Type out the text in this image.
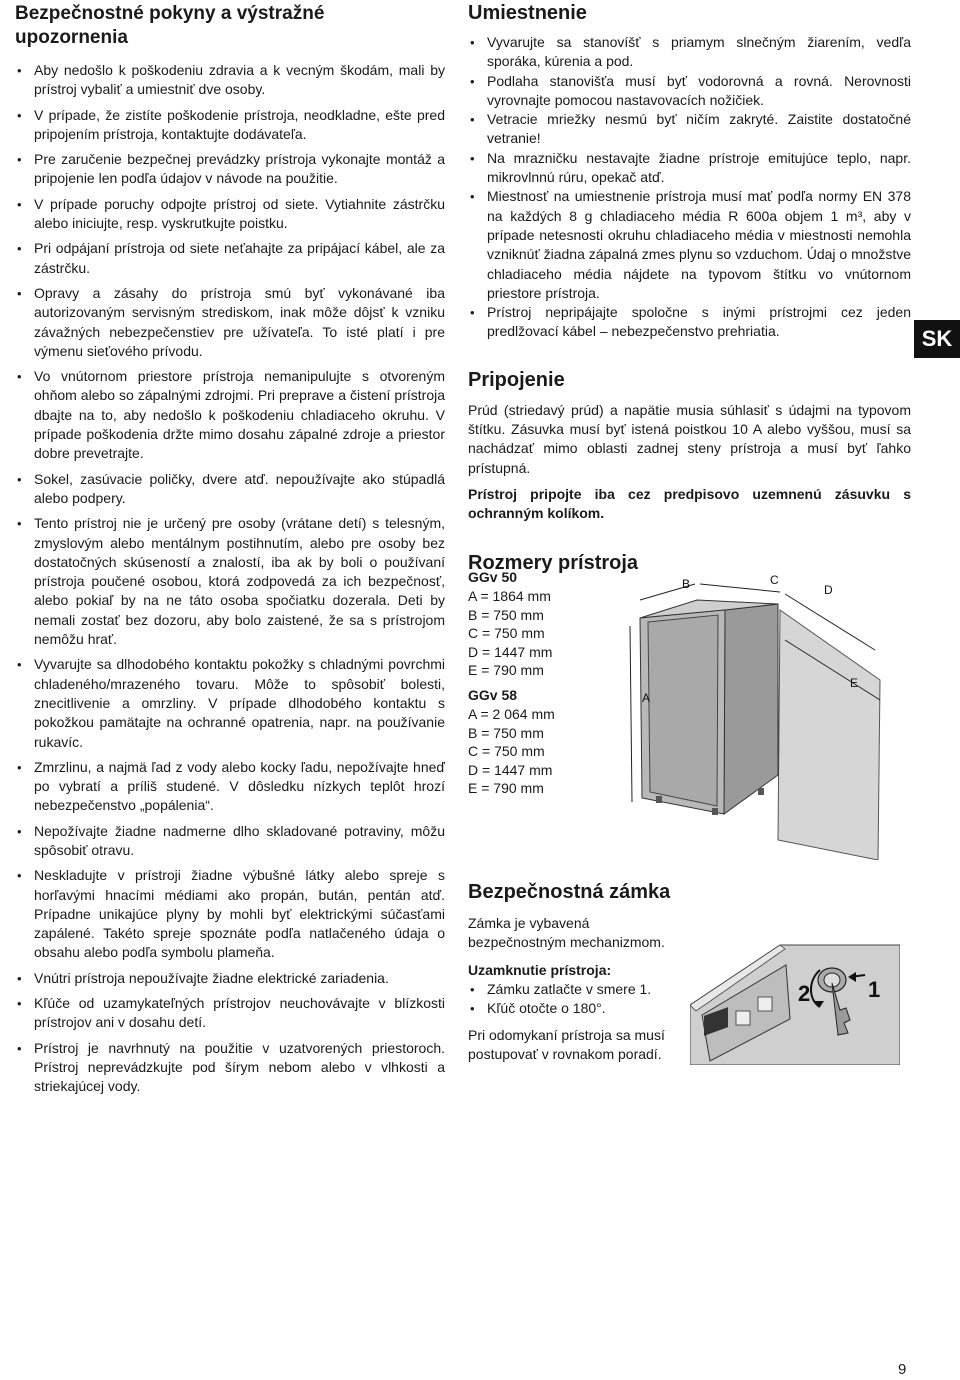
Bezpečnostné pokyny a výstražné
upozornenia
• Aby nedošlo k poškodeniu zdravia a k vecným škodám, mali by prístroj vybaliť a umiestniť dve osoby.
• V prípade, že zistíte poškodenie prístroja, neodkladne, ešte pred pripojením prístroja, kontaktujte dodávateľa.
• Pre zaručenie bezpečnej prevádzky prístroja vykonajte montáž a pripojenie len podľa údajov v návode na použitie.
• V prípade poruchy odpojte prístroj od siete. Vytiahnite zástrčku alebo iniciujte, resp. vyskrutkujte poistku.
• Pri odpájaní prístroja od siete neťahajte za pripájací kábel, ale za zástrčku.
• Opravy a zásahy do prístroja smú byť vykonávané iba autorizovaným servisným strediskom, inak môže dôjsť k vzniku závažných nebezpečenstiev pre užívateľa. To isté platí i pre výmenu sieťového prívodu.
• Vo vnútornom priestore prístroja nemanipulujte s otvoreným ohňom alebo so zápalnými zdrojmi. Pri preprave a čistení prístroja dbajte na to, aby nedošlo k poškodeniu chladiaceho okruhu. V prípade poškodenia držte mimo dosahu zápalné zdroje a priestor dobre prevetrajte.
• Sokel, zasúvacie poličky, dvere atď. nepoužívajte ako stúpadlá alebo podpery.
• Tento prístroj nie je určený pre osoby (vrátane detí) s telesným, zmyslovým alebo mentálnym postihnutím, alebo pre osoby bez dostatočných skúseností a znalostí, iba ak by boli o používaní prístroja poučené osobou, ktorá zodpovedá za ich bezpečnosť, alebo pokiaľ by na ne táto osoba spočiatku dozerala. Deti by nemali zostať bez dozoru, aby bolo zaistené, že sa s prístrojom nemôžu hrať.
• Vyvarujte sa dlhodobého kontaktu pokožky s chladnými povrchmi chladeného/mrazeného tovaru. Môže to spôsobiť bolesti, znecitlivenie a omrzliny. V prípade dlhodobého kontaktu s pokožkou pamätajte na ochranné opatrenia, napr. na používanie rukavíc.
• Zmrzlinu, a najmä ľad z vody alebo kocky ľadu, nepožívajte hneď po vybratí a príliš studené. V dôsledku nízkych teplôt hrozí nebezpečenstvo „popálenia“.
• Nepožívajte žiadne nadmerne dlho skladované potraviny, môžu spôsobiť otravu.
• Neskladujte v prístroji žiadne výbušné látky alebo spreje s horľavými hnacími médiami ako propán, bután, pentán atď. Prípadne unikajúce plyny by mohli byť elektrickými súčasťami zapálené. Takéto spreje spoznáte podľa natlačeného údaja o obsahu alebo podľa symbolu plameňa.
• Vnútri prístroja nepoužívajte žiadne elektrické zariadenia.
• Kľúče od uzamykateľných prístrojov neuchovávajte v blízkosti prístrojov ani v dosahu detí.
• Prístroj je navrhnutý na použitie v uzatvorených priestoroch. Prístroj neprevádzkujte pod šírym nebom alebo v vlhkosti a striekajúcej vody.
Umiestnenie
• Vyvarujte sa stanovíšť s priamym slnečným žiarením, vedľa sporáka, kúrenia a pod.
• Podlaha stanovišťa musí byť vodorovná a rovná. Nerovnosti vyrovnajte pomocou nastavovacích nožičiek.
• Vetracie mriežky nesmú byť ničím zakryté. Zaistite dostatočné vetranie!
• Na mrazničku nestavajte žiadne prístroje emitujúce teplo, napr. mikrovlnnú rúru, opekač atď.
• Miestnosť na umiestnenie prístroja musí mať podľa normy EN 378 na každých 8 g chladiaceho média R 600a objem 1 m³, aby v prípade netesnosti okruhu chladiaceho média v miestnosti nemohla vzniknúť žiadna zápalná zmes plynu so vzduchom. Údaj o množstve chladiaceho média nájdete na typovom štítku vo vnútornom priestore prístroja.
• Prístroj nepripájajte spoločne s inými prístrojmi cez jeden predlžovací kábel – nebezpečenstvo prehriatia.
Pripojenie

Prúd (striedavý prúd) a napätie musia súhlasiť s údajmi na typovom štítku. Zásuvka musí byť istená poistkou 10 A alebo vyššou, musí sa nachádzať mimo oblasti zadnej steny prístroja a musí byť ľahko prístupná.

Prístroj pripojte iba cez predpisovo uzemnenú zásuvku s ochranným kolíkom.

Rozmery prístroja
GGv 50
A = 1864 mm
B = 750 mm
C = 750 mm
D = 1447 mm
E = 790 mm
GGv 58
A = 2 064 mm
B = 750 mm
C = 750 mm
D = 1447 mm
E = 790 mm
A
B	C
D
E
SK
Bezpečnostná zámka

Zámka je vybavená bezpečnostným mechanizmom.

Uzamknutie prístroja:
• Zámku zatlačte v smere 1.
• Kľúč otočte o 180°.

Pri odomykaní prístroja sa musí postupovať v rovnakom poradí.

2	1
9
